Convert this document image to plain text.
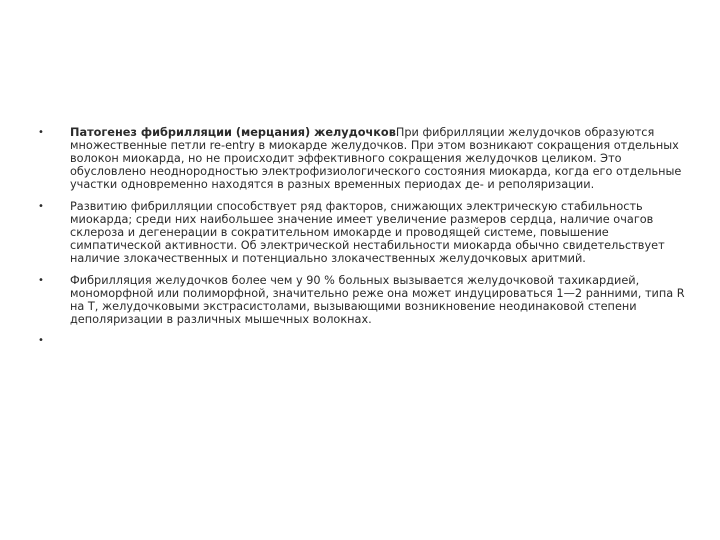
• Патогенез фибрилляции (мерцания) желудочковПри фибрилляции желудочков образуются множественные петли re-entry в миокарде желудочков. При этом возникают сокращения отдельных волокон миокарда, но не происходит эффективного сокращения желудочков целиком. Это обусловлено неоднородностью электрофизиологического состояния миокарда, когда его отдельные участки одновременно находятся в разных временных периодах де- и реполяризации.
• Развитию фибрилляции способствует ряд факторов, снижающих электрическую стабильность миокарда; среди них наибольшее значение имеет увеличение размеров сердца, наличие очагов склероза и дегенерации в сократительном имокарде и проводящей системе, повышение симпатической активности. Об электрической нестабильности миокарда обычно свидетельствует наличие злокачественных и потенциально злокачественных желудочковых аритмий.
• Фибрилляция желудочков более чем у 90 % больных вызывается желудочковой тахикардией, мономорфной или полиморфной, значительно реже она может индуцироваться 1—2 ранними, типа R на T, желудочковыми экстрасистолами, вызывающими возникновение неодинаковой степени деполяризации в различных мышечных волокнах.
•
